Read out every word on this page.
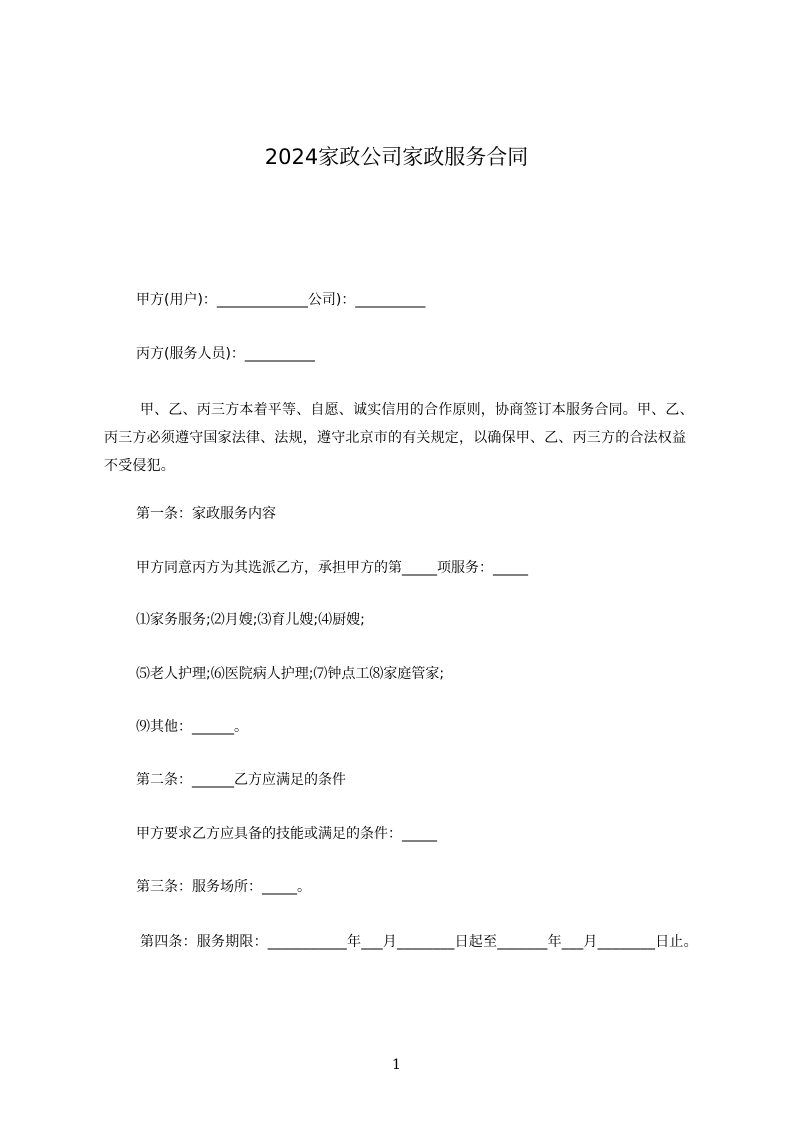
2024家政公司家政服务合同
甲方(用户)：_____________公司)：__________
丙方(服务人员)：__________
甲、乙、丙三方本着平等、自愿、诚实信用的合作原则，协商签订本服务合同。甲、乙、丙三方必须遵守国家法律、法规，遵守北京市的有关规定，以确保甲、乙、丙三方的合法权益不受侵犯。
第一条：家政服务内容
甲方同意丙方为其选派乙方，承担甲方的第_____项服务：_____
⑴家务服务;⑵月嫂;⑶育儿嫂;⑷厨嫂;
⑸老人护理;⑹医院病人护理;⑺钟点工⑻家庭管家;
⑼其他：______。
第二条：______乙方应满足的条件
甲方要求乙方应具备的技能或满足的条件：_____
第三条：服务场所：_____。
第四条：服务期限：___________年___月________日起至_______年___月________日止。
1
